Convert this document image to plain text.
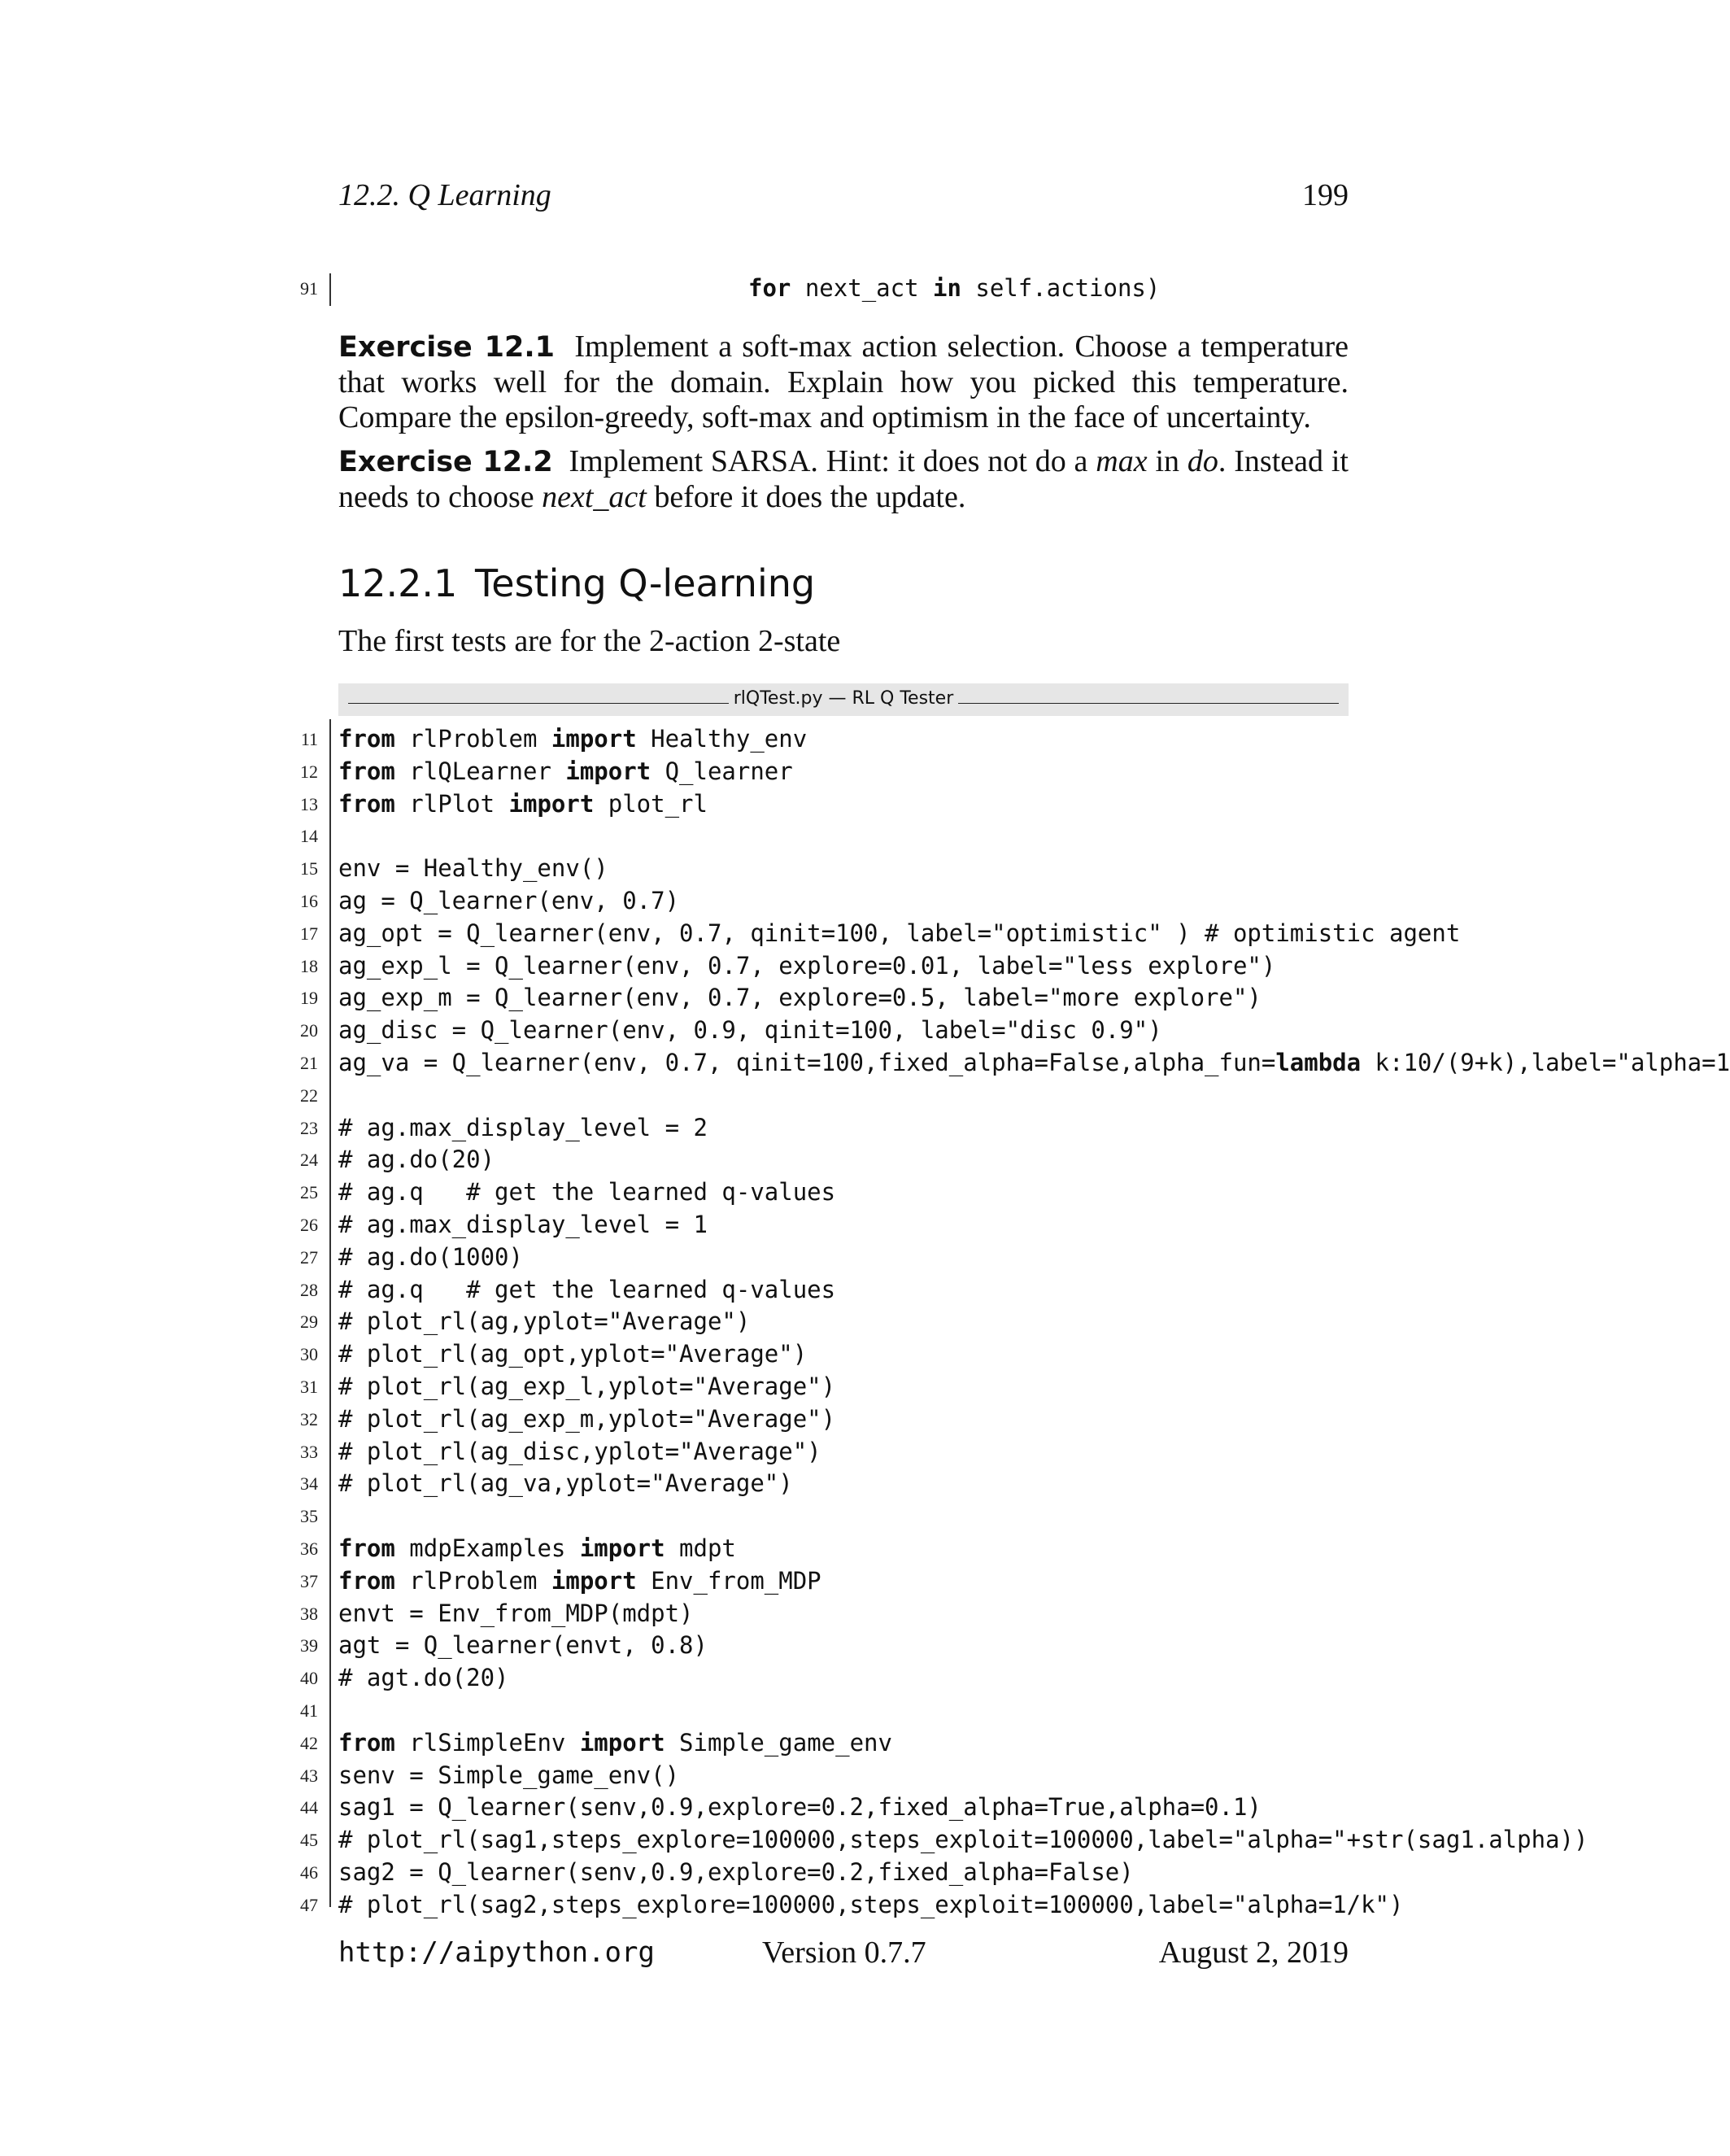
12.2. Q Learning	199
91	for next_act in self.actions)
Exercise 12.1 Implement a soft-max action selection. Choose a temperature that works well for the domain. Explain how you picked this temperature. Compare the epsilon-greedy, soft-max and optimism in the face of uncertainty.
Exercise 12.2 Implement SARSA. Hint: it does not do a max in do. Instead it needs to choose next_act before it does the update.
12.2.1 Testing Q-learning
The first tests are for the 2-action 2-state
rlQTest.py — RL Q Tester
11 from rlProblem import Healthy_env
12 from rlQLearner import Q_learner
13 from rlPlot import plot_rl
14
15 env = Healthy_env()
16 ag = Q_learner(env, 0.7)
17 ag_opt = Q_learner(env, 0.7, qinit=100, label="optimistic" ) # optimistic agent
18 ag_exp_l = Q_learner(env, 0.7, explore=0.01, label="less explore")
19 ag_exp_m = Q_learner(env, 0.7, explore=0.5, label="more explore")
20 ag_disc = Q_learner(env, 0.9, qinit=100, label="disc 0.9")
21 ag_va = Q_learner(env, 0.7, qinit=100,fixed_alpha=False,alpha_fun=lambda k:10/(9+k),label="alpha=1
22
23 # ag.max_display_level = 2
24 # ag.do(20)
25 # ag.q   # get the learned q-values
26 # ag.max_display_level = 1
27 # ag.do(1000)
28 # ag.q   # get the learned q-values
29 # plot_rl(ag,yplot="Average")
30 # plot_rl(ag_opt,yplot="Average")
31 # plot_rl(ag_exp_l,yplot="Average")
32 # plot_rl(ag_exp_m,yplot="Average")
33 # plot_rl(ag_disc,yplot="Average")
34 # plot_rl(ag_va,yplot="Average")
35
36 from mdpExamples import mdpt
37 from rlProblem import Env_from_MDP
38 envt = Env_from_MDP(mdpt)
39 agt = Q_learner(envt, 0.8)
40 # agt.do(20)
41
42 from rlSimpleEnv import Simple_game_env
43 senv = Simple_game_env()
44 sag1 = Q_learner(senv,0.9,explore=0.2,fixed_alpha=True,alpha=0.1)
45 # plot_rl(sag1,steps_explore=100000,steps_exploit=100000,label="alpha="+str(sag1.alpha))
46 sag2 = Q_learner(senv,0.9,explore=0.2,fixed_alpha=False)
47 # plot_rl(sag2,steps_explore=100000,steps_exploit=100000,label="alpha=1/k")
http://aipython.org	Version 0.7.7	August 2, 2019
